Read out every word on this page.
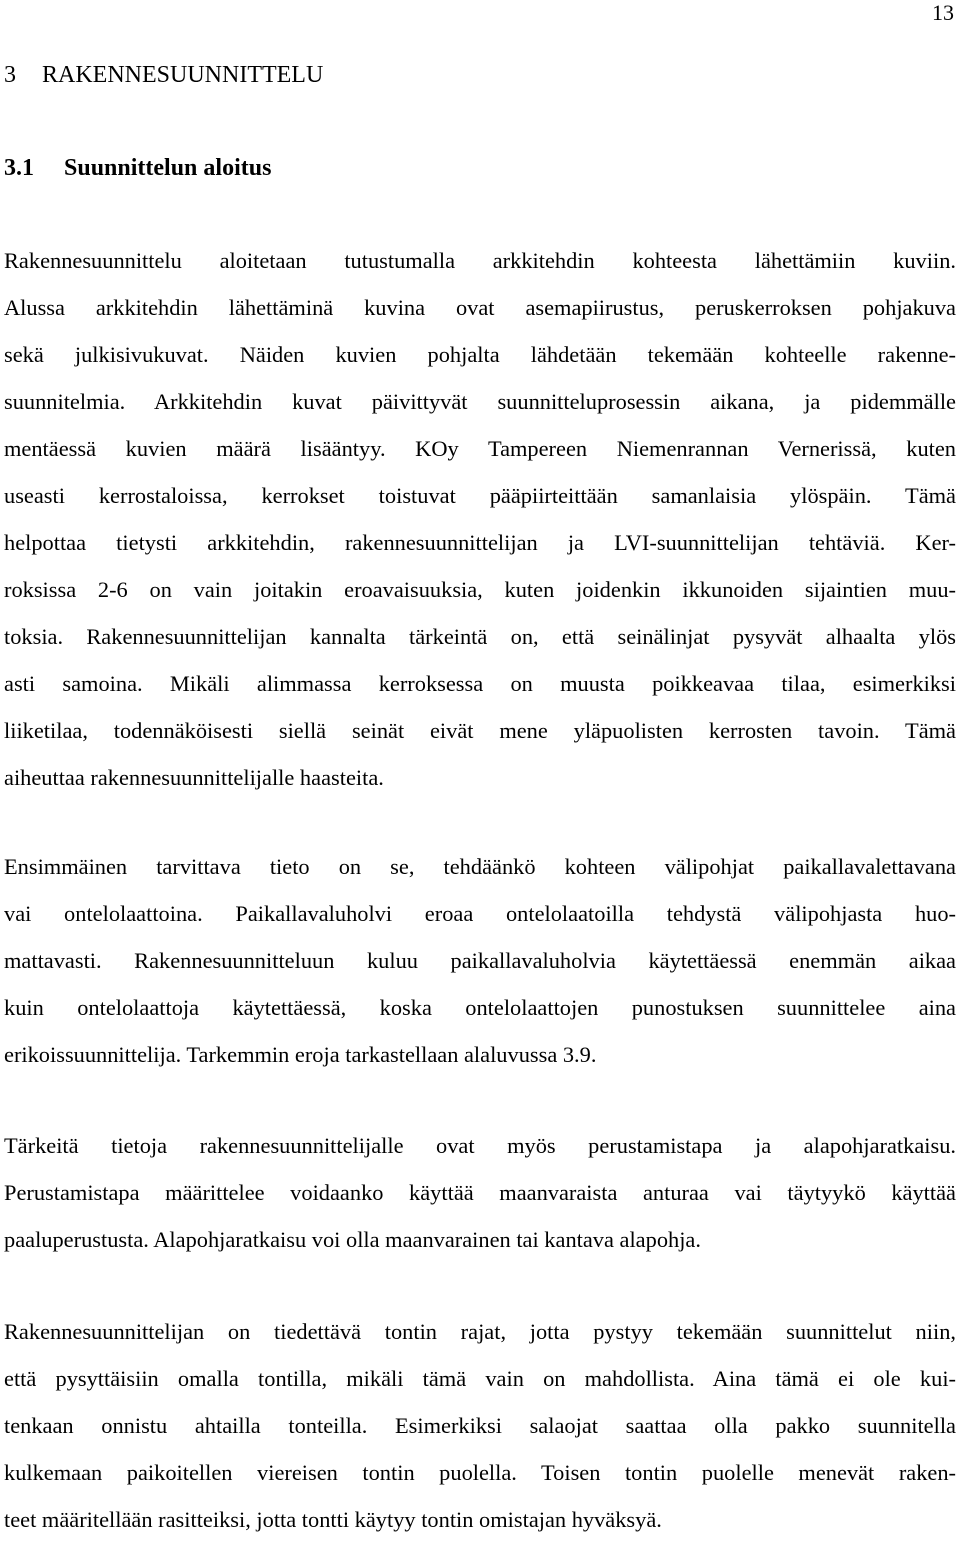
13
3	RAKENNESUUNNITTELU
3.1	Suunnittelun aloitus
Rakennesuunnittelu aloitetaan tutustumalla arkkitehdin kohteesta lähettämiin kuviin.
Alussa arkkitehdin lähettäminä kuvina ovat asemapiirustus, peruskerroksen pohjakuva
sekä julkisivukuvat. Näiden kuvien pohjalta lähdetään tekemään kohteelle rakenne-
suunnitelmia. Arkkitehdin kuvat päivittyvät suunnitteluprosessin aikana, ja pidemmälle
mentäessä kuvien määrä lisääntyy. KOy Tampereen Niemenrannan Vernerissä, kuten
useasti kerrostaloissa, kerrokset toistuvat pääpiirteittään samanlaisia ylöspäin. Tämä
helpottaa tietysti arkkitehdin, rakennesuunnittelijan ja LVI-suunnittelijan tehtäviä. Ker-
roksissa 2-6 on vain joitakin eroavaisuuksia, kuten joidenkin ikkunoiden sijaintien muu-
toksia. Rakennesuunnittelijan kannalta tärkeintä on, että seinälinjat pysyvät alhaalta ylös
asti samoina. Mikäli alimmassa kerroksessa on muusta poikkeavaa tilaa, esimerkiksi
liiketilaa, todennäköisesti siellä seinät eivät mene yläpuolisten kerrosten tavoin. Tämä
aiheuttaa rakennesuunnittelijalle haasteita.
Ensimmäinen tarvittava tieto on se, tehdäänkö kohteen välipohjat paikallavalettavana
vai ontelolaattoina. Paikallavaluholvi eroaa ontelolaatoilla tehdystä välipohjasta huo-
mattavasti. Rakennesuunnitteluun kuluu paikallavaluholvia käytettäessä enemmän aikaa
kuin ontelolaattoja käytettäessä, koska ontelolaattojen punostuksen suunnittelee aina
erikoissuunnittelija. Tarkemmin eroja tarkastellaan alaluvussa 3.9.
Tärkeitä tietoja rakennesuunnittelijalle ovat myös perustamistapa ja alapohjaratkaisu.
Perustamistapa määrittelee voidaanko käyttää maanvaraista anturaa vai täytyykö käyttää
paaluperustusta. Alapohjaratkaisu voi olla maanvarainen tai kantava alapohja.
Rakennesuunnittelijan on tiedettävä tontin rajat, jotta pystyy tekemään suunnittelut niin,
että pysyttäisiin omalla tontilla, mikäli tämä vain on mahdollista. Aina tämä ei ole kui-
tenkaan onnistu ahtailla tonteilla. Esimerkiksi salaojat saattaa olla pakko suunnitella
kulkemaan paikoitellen viereisen tontin puolella. Toisen tontin puolelle menevät raken-
teet määritellään rasitteiksi, jotta tontti käytyy tontin omistajan hyväksyä.
